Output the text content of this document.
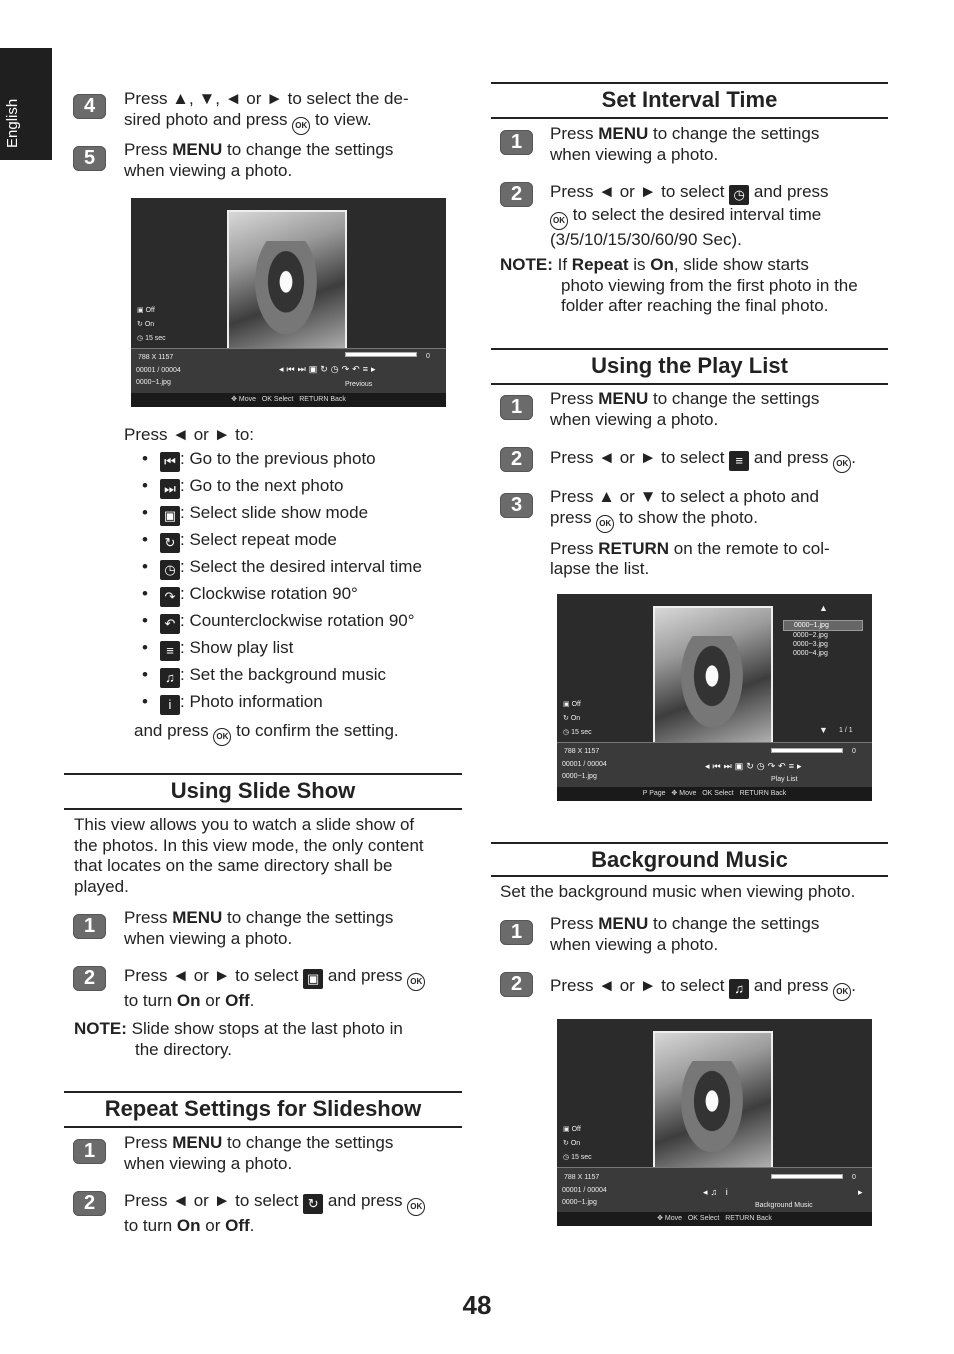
English	4	Press ▲, ▼, ◄ or ► to select the de-
sired photo and press OK to view.
5	Press MENU to change the settings
when viewing a photo.
▣ Off
↻ On
◷ 15 sec
788 X 1157
00001 / 00004
0000~1.jpg
0
◂⏮⏭▣↻◷↷↶≡▸
Previous
✥ Move OK Select RETURN Back
Press ◄ or ► to:
• ⏮ : Go to the previous photo
• ⏭ : Go to the next photo
• ▣ : Select slide show mode
• ↻ : Select repeat mode
• ◷ : Select the desired interval time
• ↷ : Clockwise rotation 90°
• ↶ : Counterclockwise rotation 90°
• ≡ : Show play list
• ♫ : Set the background music
• i : Photo information
and press OK to confirm the setting.
Using Slide Show
This view allows you to watch a slide show of
the photos. In this view mode, the only content
that locates on the same directory shall be
played.
1	Press MENU to change the settings
when viewing a photo.
2	Press ◄ or ► to select ▣ and press OK
to turn On or Off.
NOTE: Slide show stops at the last photo in
the directory.
Repeat Settings for Slideshow
1	Press MENU to change the settings
when viewing a photo.
2	Press ◄ or ► to select ↻ and press OK
to turn On or Off.
Set Interval Time
1	Press MENU to change the settings
when viewing a photo.
2	Press ◄ or ► to select ◷ and press
OK to select the desired interval time
(3/5/10/15/30/60/90 Sec).
NOTE: If Repeat is On, slide show starts
photo viewing from the first photo in the
folder after reaching the final photo.
Using the Play List
1	Press MENU to change the settings
when viewing a photo.
2	Press ◄ or ► to select ≡ and press OK .
3	Press ▲ or ▼ to select a photo and
press OK to show the photo.
Press RETURN on the remote to col-
lapse the list.
▲
0000~1.jpg
0000~2.jpg
0000~3.jpg
0000~4.jpg
▼ 1 / 1
▣ Off
↻ On
◷ 15 sec
788 X 1157
00001 / 00004
0000~1.jpg
0
◂⏮⏭▣↻◷↷↶≡▸
Play List
P Page   ✥ Move OK Select RETURN Back
Background Music
Set the background music when viewing photo.
1	Press MENU to change the settings
when viewing a photo.
2	Press ◄ or ► to select ♫ and press OK .
▣ Off
↻ On
◷ 15 sec
788 X 1157
00001 / 00004
0000~1.jpg
0
◂♫ i	▸
Background Music
✥ Move OK Select RETURN Back
48
